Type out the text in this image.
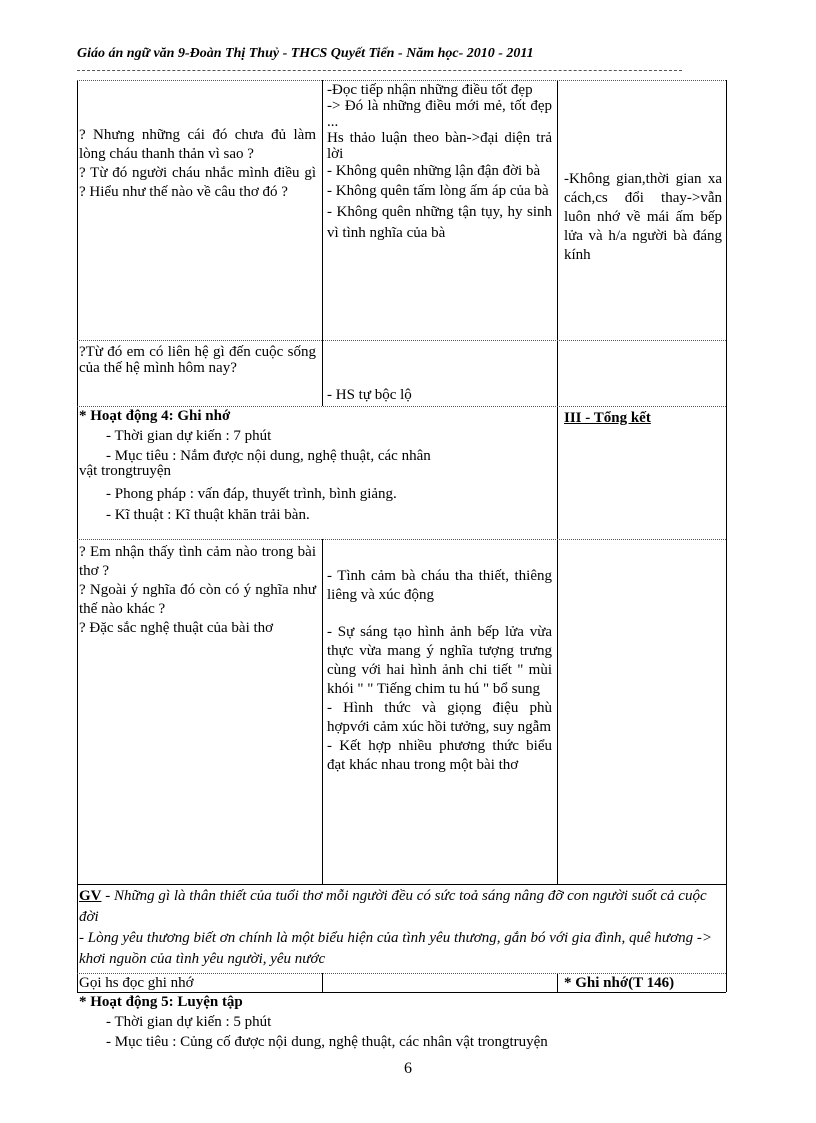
Giáo án ngữ văn 9-Đoàn Thị Thuỷ - THCS Quyết Tiến - Năm học- 2010 - 2011

? Nhưng những cái đó chưa đủ làm lòng cháu thanh thản vì sao ?

? Từ đó người cháu nhắc mình điều gì ? Hiểu như thế nào về câu thơ đó ?

-Đọc tiếp nhận những điều tốt đẹp

-> Đó là những điều mới mẻ, tốt đẹp ...

Hs thảo luận theo bàn->đại diện trả lời

- Không quên những lận đận đời bà

- Không quên tấm lòng ấm áp của bà

- Không quên những tận tụy, hy sinh vì tình nghĩa của bà

-Không gian,thời gian xa cách,cs đổi thay->vẫn luôn nhớ về mái ấm bếp lửa và h/a người bà đáng kính
?Từ đó em có liên hệ gì đến cuộc sống của thế hệ mình hôm nay?
- HS tự bộc lộ
* Hoạt động 4: Ghi nhớ
- Thời gian dự kiến : 7 phút
- Mục tiêu : Nắm được nội dung, nghệ thuật, các nhân
vật trongtruyện
- Phong pháp : vấn đáp, thuyết trình, bình giảng.
- Kĩ thuật : Kĩ thuật khăn trải bàn.
III - Tổng kết

? Em nhận thấy tình cảm nào trong bài thơ ?

? Ngoài ý nghĩa đó còn có ý nghĩa như thế nào khác ?

? Đặc sắc nghệ thuật của bài thơ

- Tình cảm bà cháu tha thiết, thiêng liêng và xúc động

- Sự sáng tạo hình ảnh bếp lửa vừa thực vừa mang ý nghĩa tượng trưng cùng với hai hình ảnh chi tiết " mùi khói " " Tiếng chim tu hú " bổ sung

- Hình thức và giọng điệu phù hợpvới cảm xúc hồi tưởng, suy ngẫm

- Kết hợp nhiều phương thức biểu đạt khác nhau trong một bài thơ

GV - Những gì là thân thiết của tuổi thơ mỗi người đều có sức toả sáng nâng đỡ con người suốt cả cuộc đời

- Lòng yêu thương biết ơn chính là một biểu hiện của tình yêu thương, gắn bó với gia đình, quê hương -> khơi nguồn của tình yêu người, yêu nước

Gọi hs đọc ghi nhớ	* Ghi nhớ(T 146)
* Hoạt động 5: Luyện tập
- Thời gian dự kiến : 5 phút
- Mục tiêu : Củng cố được nội dung, nghệ thuật, các nhân vật trongtruyện
6
